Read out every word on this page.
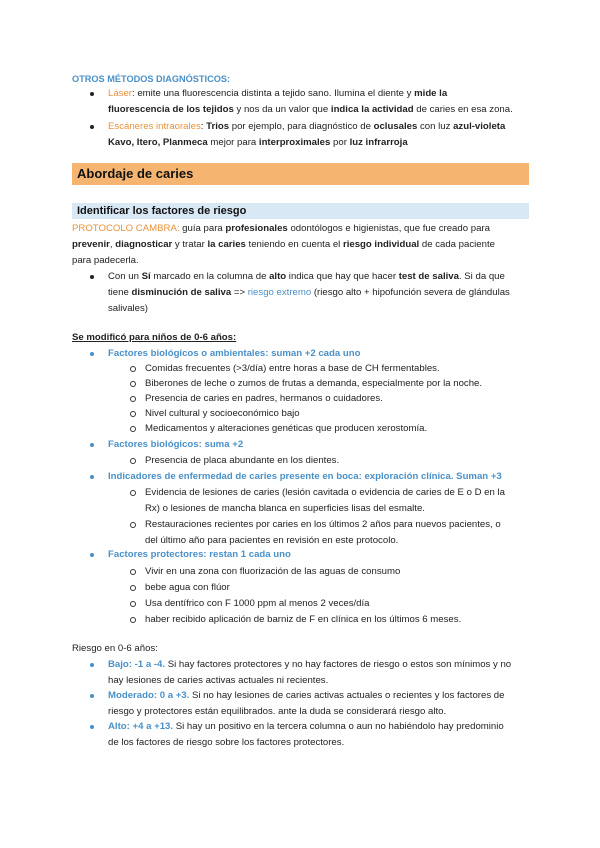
OTROS MÉTODOS DIAGNÓSTICOS:
Láser: emite una fluorescencia distinta a tejido sano. Ilumina el diente y mide la
fluorescencia de los tejidos y nos da un valor que indica la actividad de caries en esa zona.
Escáneres intraorales: Trios por ejemplo, para diagnóstico de oclusales con luz azul-violeta
Kavo, Itero, Planmeca mejor para interproximales por luz infrarroja
Abordaje de caries
Identificar los factores de riesgo
PROTOCOLO CAMBRA: guía para profesionales odontólogos e higienistas, que fue creado para
prevenir, diagnosticar y tratar la caries teniendo en cuenta el riesgo individual de cada paciente
para padecerla.
Con un Sí marcado en la columna de alto indica que hay que hacer test de saliva. Si da que
tiene disminución de saliva => riesgo extremo (riesgo alto + hipofunción severa de glándulas
salivales)
Se modificó para niños de 0-6 años:
Factores biológicos o ambientales: suman +2 cada uno
Comidas frecuentes (>3/día) entre horas a base de CH fermentables.
Biberones de leche o zumos de frutas a demanda, especialmente por la noche.
Presencia de caries en padres, hermanos o cuidadores.
Nivel cultural y socioeconómico bajo
Medicamentos y alteraciones genéticas que producen xerostomía.
Factores biológicos: suma +2
Presencia de placa abundante en los dientes.
Indicadores de enfermedad de caries presente en boca: exploración clínica. Suman +3
Evidencia de lesiones de caries (lesión cavitada o evidencia de caries de E o D en la
Rx) o lesiones de mancha blanca en superficies lisas del esmalte.
Restauraciones recientes por caries en los últimos 2 años para nuevos pacientes, o
del último año para pacientes en revisión en este protocolo.
Factores protectores: restan 1 cada uno
Vivir en una zona con fluorización de las aguas de consumo
bebe agua con flúor
Usa dentífrico con F 1000 ppm al menos 2 veces/día
haber recibido aplicación de barniz de F en clínica en los últimos 6 meses.
Riesgo en 0-6 años:
Bajo: -1 a -4. Si hay factores protectores y no hay factores de riesgo o estos son mínimos y no
hay lesiones de caries activas actuales ni recientes.
Moderado: 0 a +3. Si no hay lesiones de caries activas actuales o recientes y los factores de
riesgo y protectores están equilibrados. ante la duda se considerará riesgo alto.
Alto: +4 a +13. Si hay un positivo en la tercera columna o aun no habiéndolo hay predominio
de los factores de riesgo sobre los factores protectores.
